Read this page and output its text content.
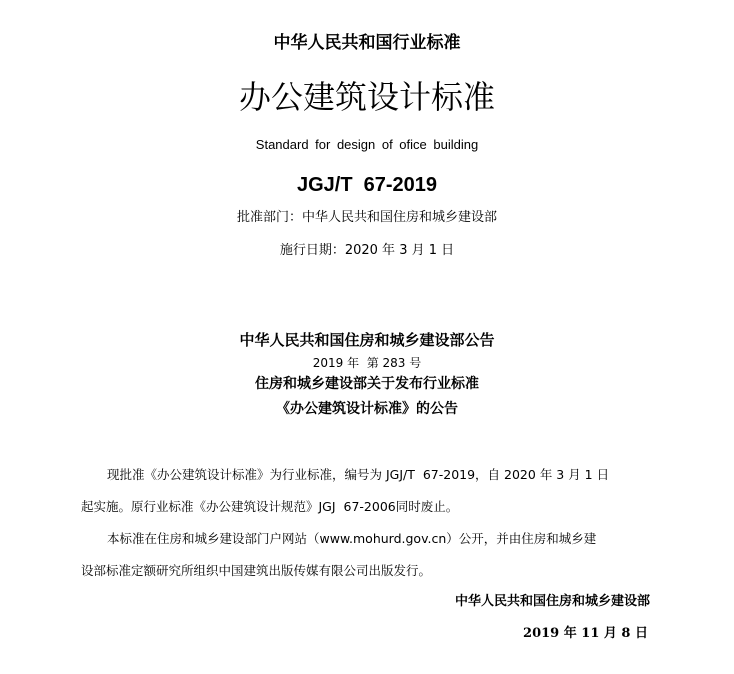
中华人民共和国行业标准
办公建筑设计标准
Standard for design of ofice building
JGJ/T  67-2019
批准部门：中华人民共和国住房和城乡建设部
施行日期：2020 年 3 月 1 日
中华人民共和国住房和城乡建设部公告
2019 年  第 283 号
住房和城乡建设部关于发布行业标准
《办公建筑设计标准》的公告
现批准《办公建筑设计标准》为行业标准，编号为 JGJ/T  67-2019，自 2020 年 3 月 1 日
起实施。原行业标准《办公建筑设计规范》JGJ  67-2006同时废止。
本标准在住房和城乡建设部门户网站（www.mohurd.gov.cn）公开，并由住房和城乡建
设部标准定额研究所组织中国建筑出版传媒有限公司出版发行。
中华人民共和国住房和城乡建设部
2019 年 11 月 8 日
